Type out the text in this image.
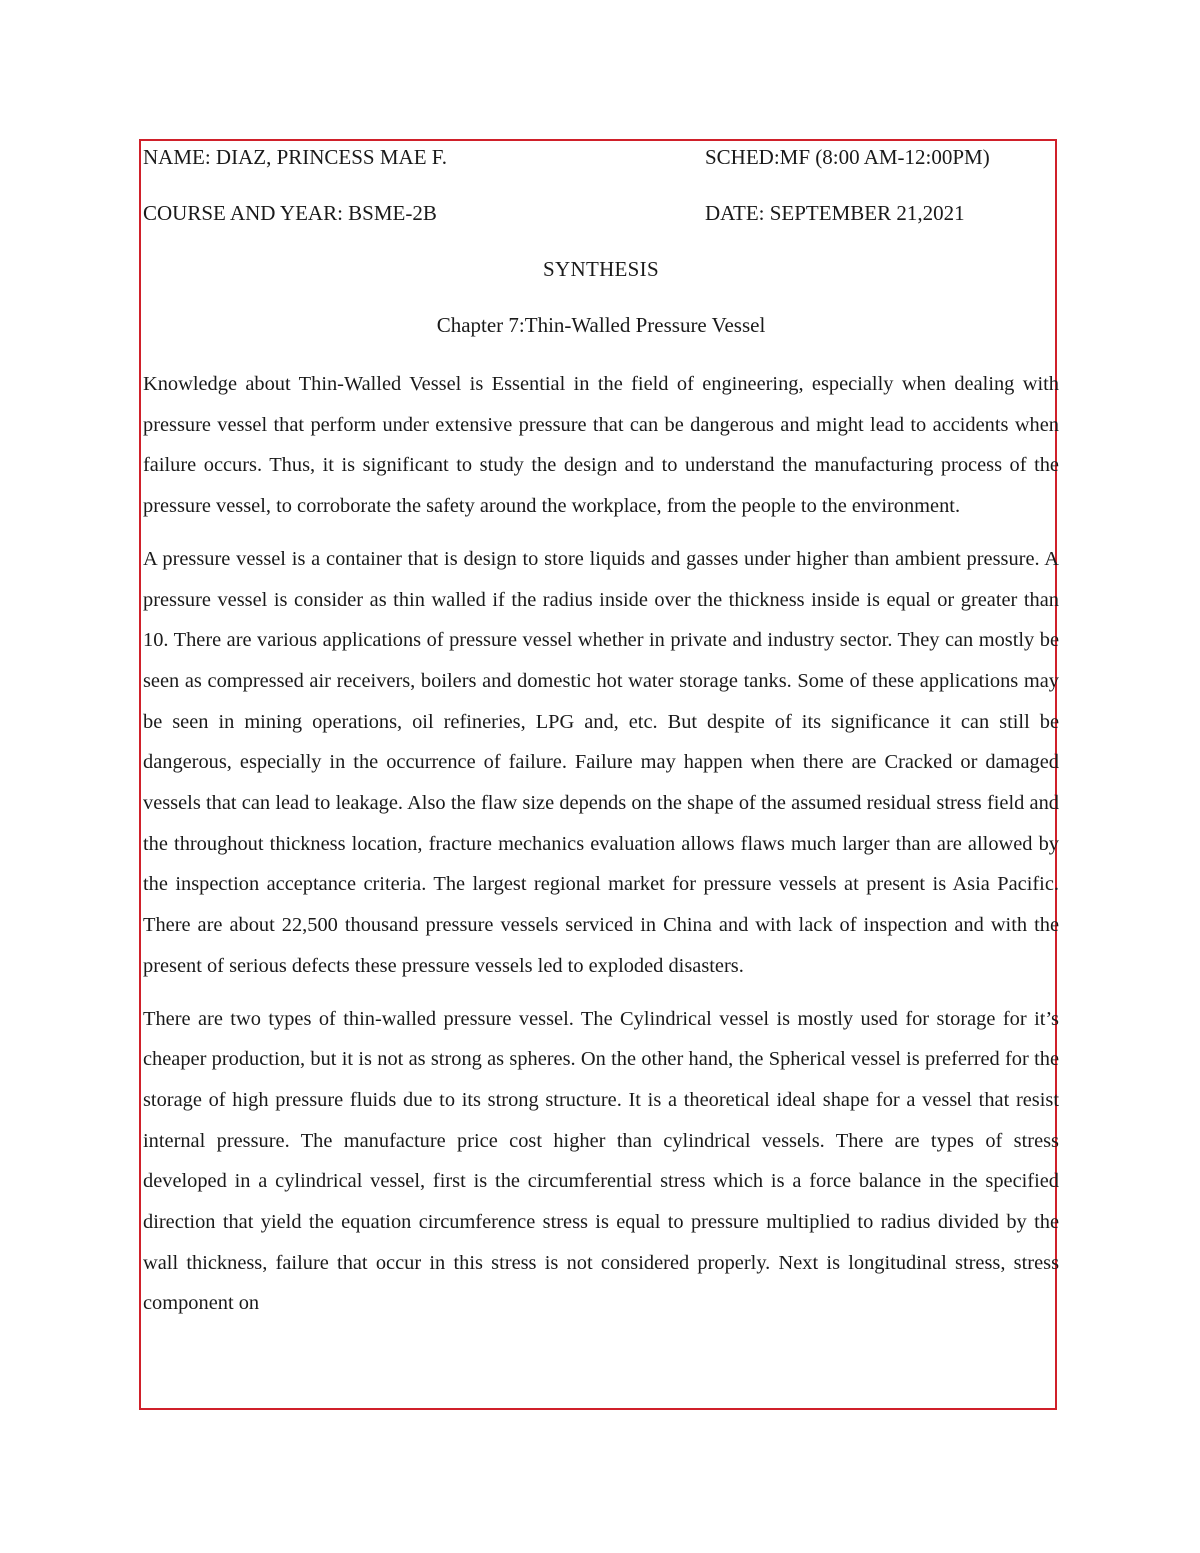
NAME: DIAZ, PRINCESS MAE F.	SCHED:MF (8:00 AM-12:00PM)
COURSE AND YEAR: BSME-2B	DATE: SEPTEMBER 21,2021
SYNTHESIS
Chapter 7:Thin-Walled Pressure Vessel

Knowledge about Thin-Walled Vessel is Essential in the field of engineering, especially when dealing with pressure vessel that perform under extensive pressure that can be dangerous and might lead to accidents when failure occurs. Thus, it is significant to study the design and to understand the manufacturing process of the pressure vessel, to corroborate the safety around the workplace, from the people to the environment.

A pressure vessel is a container that is design to store liquids and gasses under higher than ambient pressure. A pressure vessel is consider as thin walled if the radius inside over the thickness inside is equal or greater than 10. There are various applications of pressure vessel whether in private and industry sector. They can mostly be seen as compressed air receivers, boilers and domestic hot water storage tanks. Some of these applications may be seen in mining operations, oil refineries, LPG and, etc. But despite of its significance it can still be dangerous, especially in the occurrence of failure. Failure may happen when there are Cracked or damaged vessels that can lead to leakage. Also the flaw size depends on the shape of the assumed residual stress field and the throughout thickness location, fracture mechanics evaluation allows flaws much larger than are allowed by the inspection acceptance criteria. The largest regional market for pressure vessels at present is Asia Pacific. There are about 22,500 thousand pressure vessels serviced in China and with lack of inspection and with the present of serious defects these pressure vessels led to exploded disasters.

There are two types of thin-walled pressure vessel. The Cylindrical vessel is mostly used for storage for it’s cheaper production, but it is not as strong as spheres. On the other hand, the Spherical vessel is preferred for the storage of high pressure fluids due to its strong structure. It is a theoretical ideal shape for a vessel that resist internal pressure. The manufacture price cost higher than cylindrical vessels. There are types of stress developed in a cylindrical vessel, first is the circumferential stress which is a force balance in the specified direction that yield the equation circumference stress is equal to pressure multiplied to radius divided by the wall thickness, failure that occur in this stress is not considered properly. Next is longitudinal stress, stress component on
